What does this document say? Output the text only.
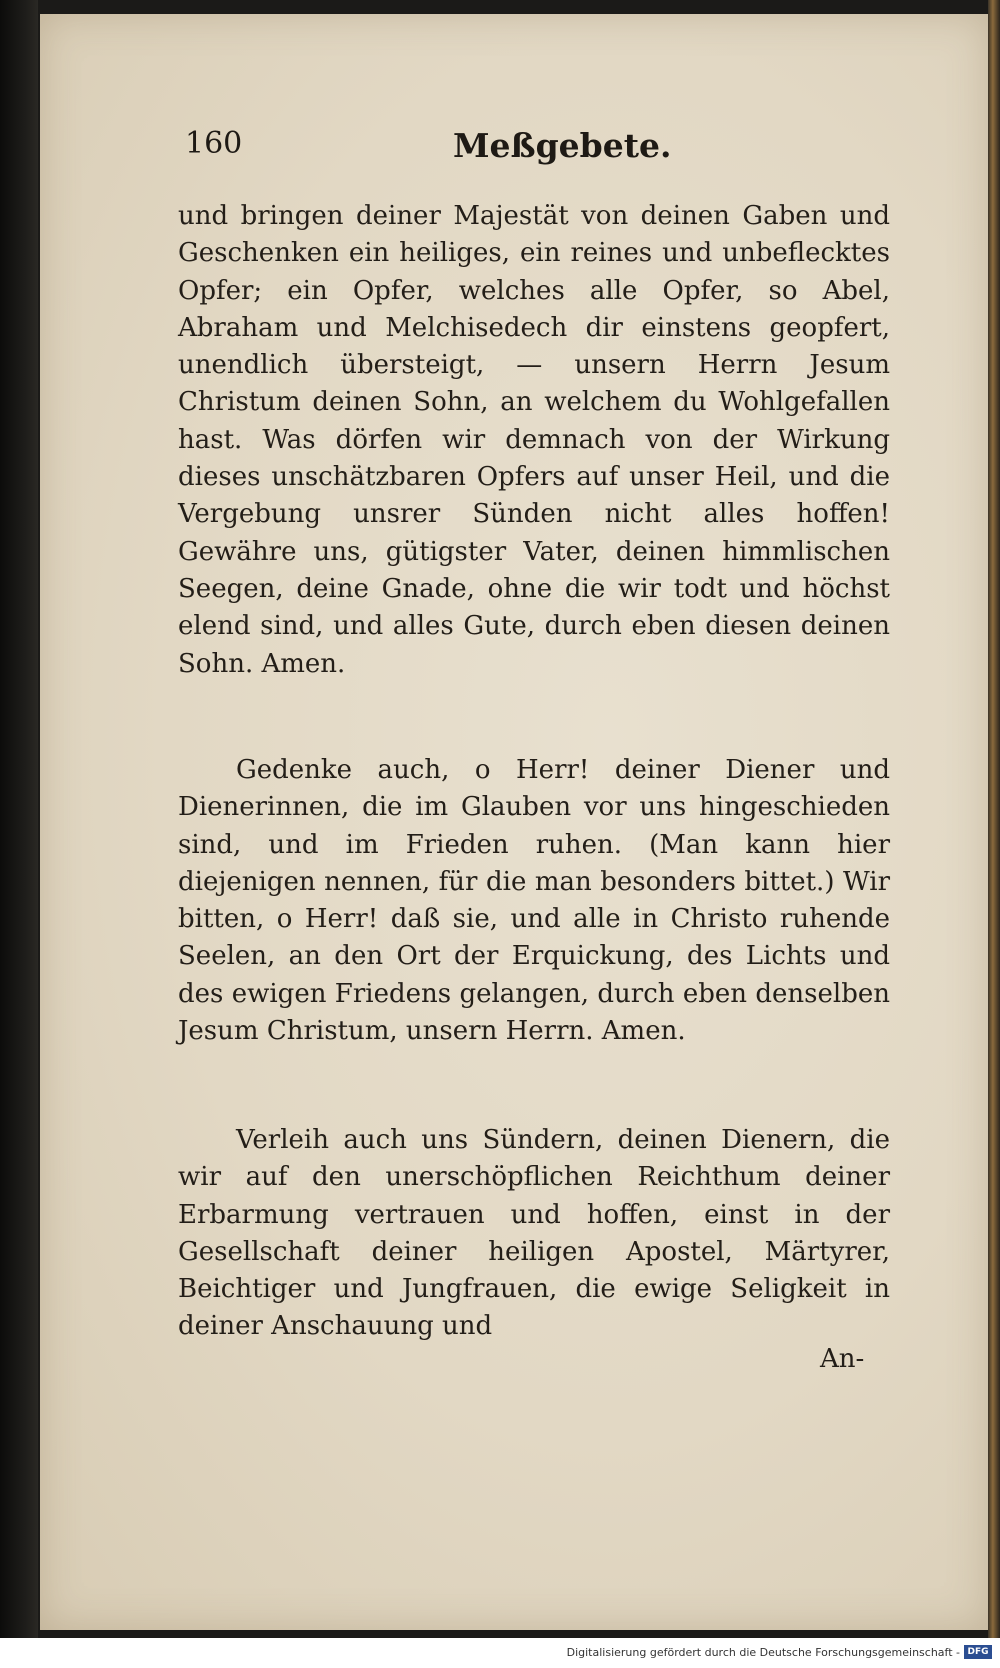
160	Meßgebete.
und bringen deiner Majestät von deinen Gaben und Geschenken ein heiliges, ein reines und unbeflecktes Opfer; ein Opfer, welches alle Opfer, so Abel, Abraham und Melchisedech dir einstens geopfert, unendlich übersteigt, — unsern Herrn Jesum Christum deinen Sohn, an welchem du Wohlgefallen hast. Was dörfen wir demnach von der Wirkung dieses unschätzbaren Opfers auf unser Heil, und die Vergebung unsrer Sünden nicht alles hoffen! Gewähre uns, gütigster Vater, deinen himmlischen Seegen, deine Gnade, ohne die wir todt und höchst elend sind, und alles Gute, durch eben diesen deinen Sohn. Amen.
Gedenke auch, o Herr! deiner Diener und Dienerinnen, die im Glauben vor uns hingeschieden sind, und im Frieden ruhen. (Man kann hier diejenigen nennen, für die man besonders bittet.) Wir bitten, o Herr! daß sie, und alle in Christo ruhende Seelen, an den Ort der Erquickung, des Lichts und des ewigen Friedens gelangen, durch eben denselben Jesum Christum, unsern Herrn. Amen.
Verleih auch uns Sündern, deinen Dienern, die wir auf den unerschöpflichen Reichthum deiner Erbarmung vertrauen und hoffen, einst in der Gesellschaft deiner heiligen Apostel, Märtyrer, Beichtiger und Jungfrauen, die ewige Seligkeit in deiner Anschauung und
An-
Digitalisierung gefördert durch die Deutsche Forschungsgemeinschaft - DFG
